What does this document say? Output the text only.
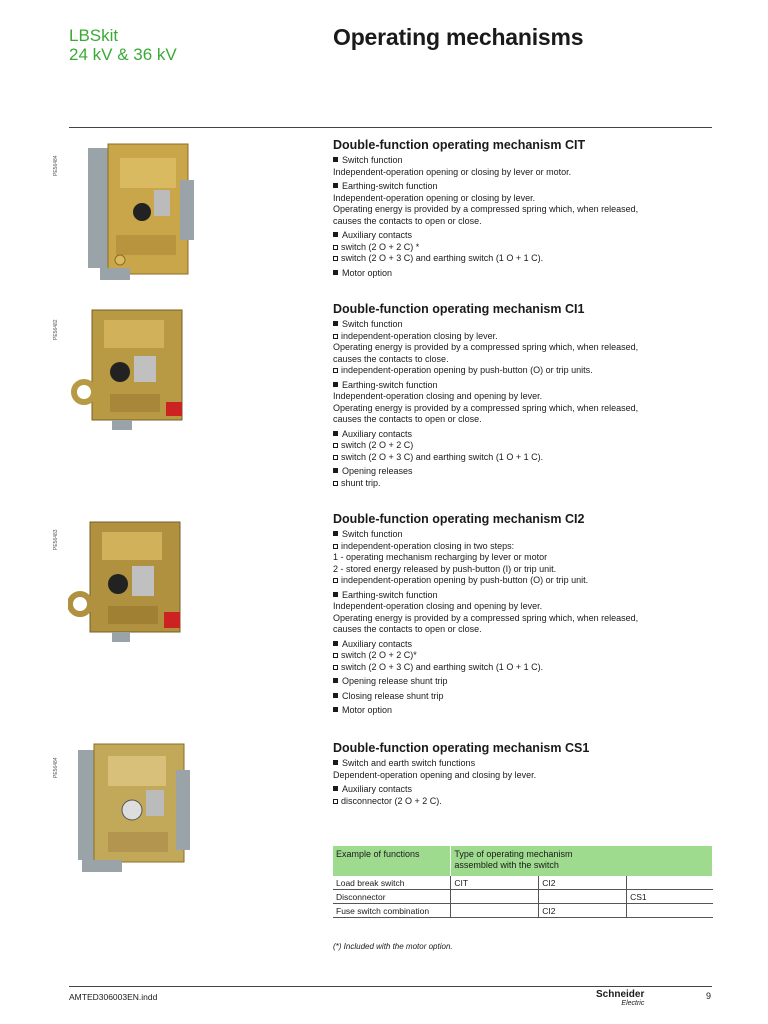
LBSkit
24 kV & 36 kV
Operating mechanisms
PE56484
PE56482
PE56483
PE56484
Double-function operating mechanism CIT
Switch function
Independent-operation opening or closing by lever or motor.
Earthing-switch function
Independent-operation opening or closing by lever.
Operating energy is provided by a compressed spring which, when released,
causes the contacts to open or close.
Auxiliary contacts
switch (2 O + 2 C) *
switch (2 O + 3 C) and earthing switch (1 O + 1 C).
Motor option
Double-function operating mechanism CI1
Switch function
independent-operation closing by lever.
Operating energy is provided by a compressed spring which, when released,
causes the contacts to close.
independent-operation opening by push-button (O) or trip units.
Earthing-switch function
Independent-operation closing and opening by lever.
Operating energy is provided by a compressed spring which, when released,
causes the contacts to open or close.
Auxiliary contacts
switch (2 O + 2 C)
switch (2 O + 3 C) and earthing switch (1 O + 1 C).
Opening releases
shunt trip.
Double-function operating mechanism CI2
Switch function
independent-operation closing in two steps:
1 - operating mechanism recharging by lever or motor
2 - stored energy released by push-button (I) or trip unit.
independent-operation opening by push-button (O) or trip unit.
Earthing-switch function
Independent-operation closing and opening by lever.
Operating energy is provided by a compressed spring which, when released,
causes the contacts to open or close.
Auxiliary contacts
switch (2 O + 2 C)*
switch (2 O + 3 C) and earthing switch (1 O + 1 C).
Opening release shunt trip
Closing release shunt trip
Motor option
Double-function operating mechanism CS1
Switch and earth switch functions
Dependent-operation opening and closing by lever.
Auxiliary contacts
disconnector (2 O + 2 C).
Example of functions	Type of operating mechanism
assembled with the switch		

Load break switch	CIT	CI2	
Disconnector			CS1
Fuse switch combination		CI2	
(*) Included with the motor option.
AMTED306003EN.indd	Schneider
Electric
9
